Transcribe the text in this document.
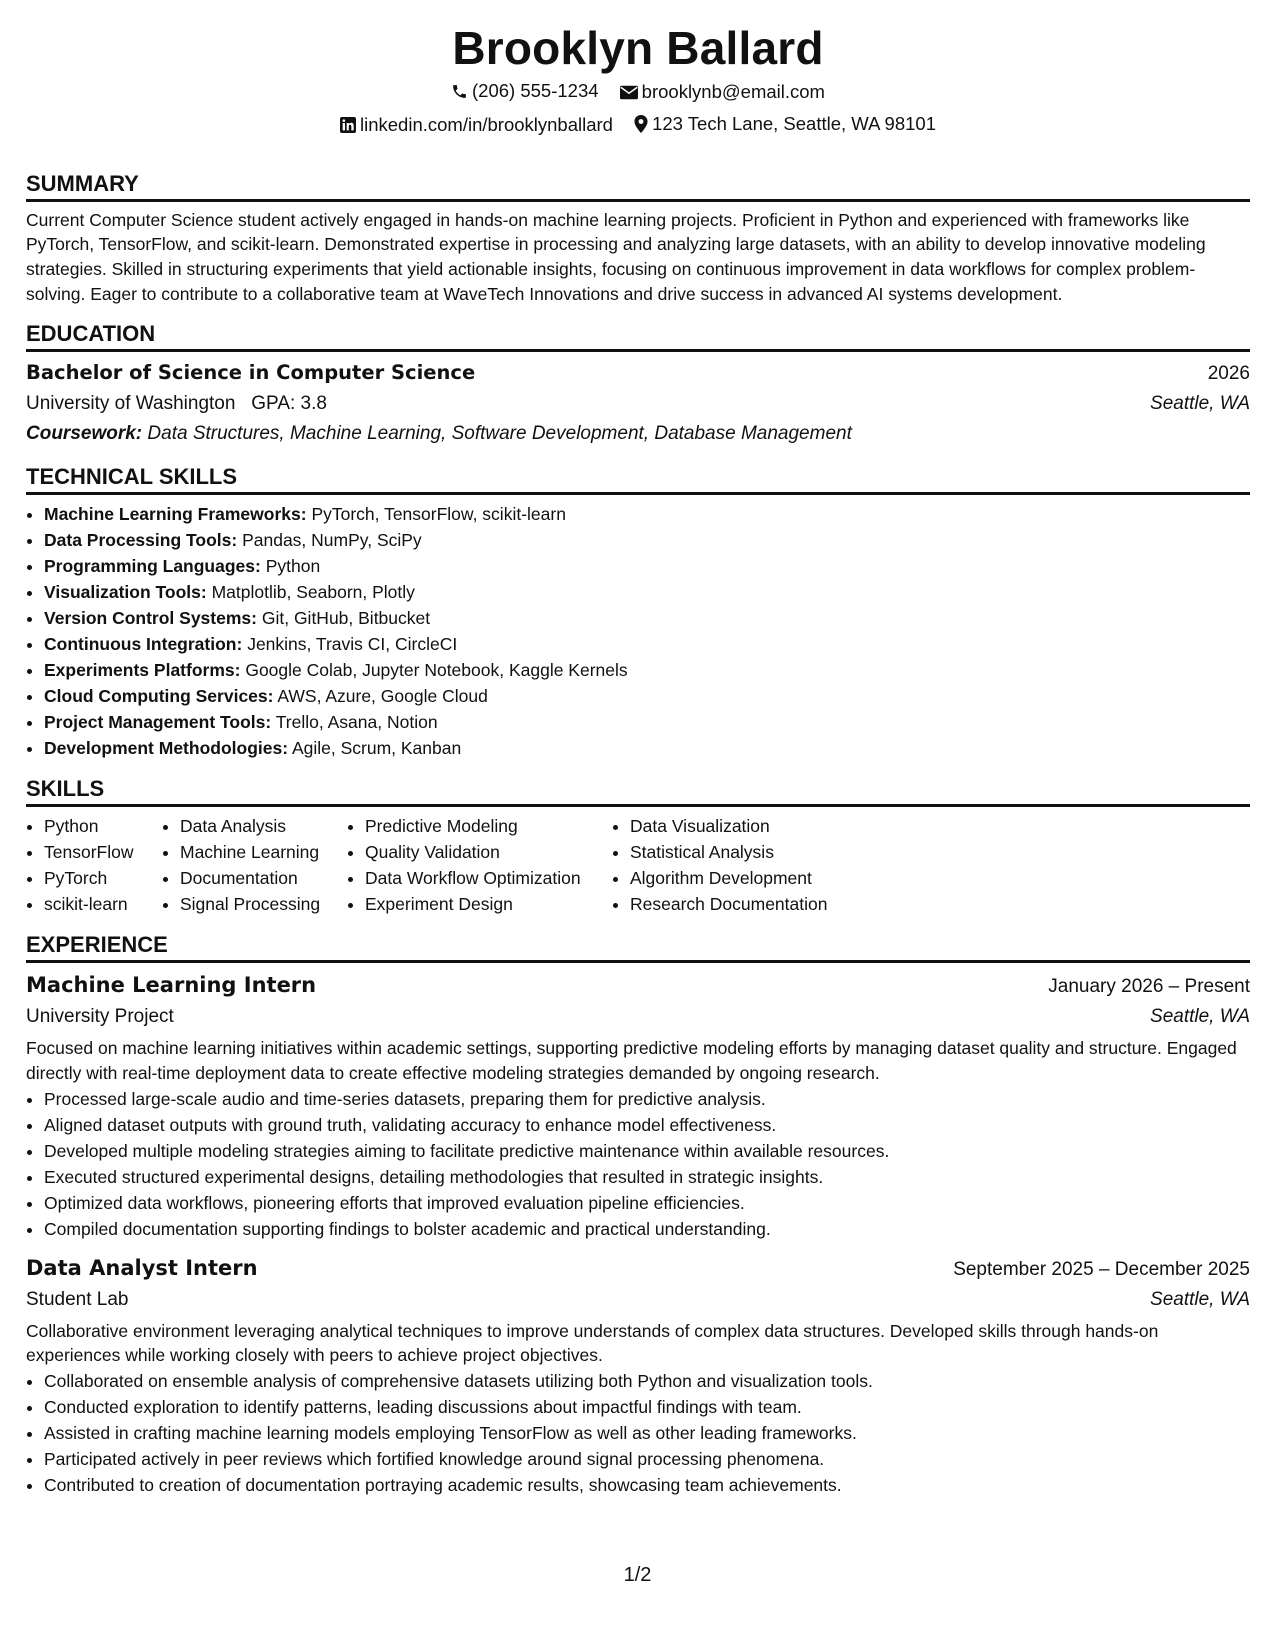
Brooklyn Ballard
(206) 555-1234
brooklynb@email.com
linkedin.com/in/brooklynballard
123 Tech Lane, Seattle, WA 98101
SUMMARY

Current Computer Science student actively engaged in hands-on machine learning projects. Proficient in Python and experienced with frameworks like PyTorch, TensorFlow, and scikit-learn. Demonstrated expertise in processing and analyzing large datasets, with an ability to develop innovative modeling strategies. Skilled in structuring experiments that yield actionable insights, focusing on continuous improvement in data workflows for complex problem-solving. Eager to contribute to a collaborative team at WaveTech Innovations and drive success in advanced AI systems development.

EDUCATION
Bachelor of Science in Computer Science	2026
University of Washington GPA: 3.8	Seattle, WA
Coursework: Data Structures, Machine Learning, Software Development, Database Management
TECHNICAL SKILLS
• Machine Learning Frameworks: PyTorch, TensorFlow, scikit-learn
• Data Processing Tools: Pandas, NumPy, SciPy
• Programming Languages: Python
• Visualization Tools: Matplotlib, Seaborn, Plotly
• Version Control Systems: Git, GitHub, Bitbucket
• Continuous Integration: Jenkins, Travis CI, CircleCI
• Experiments Platforms: Google Colab, Jupyter Notebook, Kaggle Kernels
• Cloud Computing Services: AWS, Azure, Google Cloud
• Project Management Tools: Trello, Asana, Notion
• Development Methodologies: Agile, Scrum, Kanban
SKILLS
• Python
• TensorFlow
• PyTorch
• scikit-learn
• Data Analysis
• Machine Learning
• Documentation
• Signal Processing
• Predictive Modeling
• Quality Validation
• Data Workflow Optimization
• Experiment Design
• Data Visualization
• Statistical Analysis
• Algorithm Development
• Research Documentation
EXPERIENCE
Machine Learning Intern	January 2026 – Present
University Project	Seattle, WA

Focused on machine learning initiatives within academic settings, supporting predictive modeling efforts by managing dataset quality and structure. Engaged directly with real-time deployment data to create effective modeling strategies demanded by ongoing research.

• Processed large-scale audio and time-series datasets, preparing them for predictive analysis.
• Aligned dataset outputs with ground truth, validating accuracy to enhance model effectiveness.
• Developed multiple modeling strategies aiming to facilitate predictive maintenance within available resources.
• Executed structured experimental designs, detailing methodologies that resulted in strategic insights.
• Optimized data workflows, pioneering efforts that improved evaluation pipeline efficiencies.
• Compiled documentation supporting findings to bolster academic and practical understanding.
Data Analyst Intern	September 2025 – December 2025
Student Lab	Seattle, WA

Collaborative environment leveraging analytical techniques to improve understands of complex data structures. Developed skills through hands-on experiences while working closely with peers to achieve project objectives.

• Collaborated on ensemble analysis of comprehensive datasets utilizing both Python and visualization tools.
• Conducted exploration to identify patterns, leading discussions about impactful findings with team.
• Assisted in crafting machine learning models employing TensorFlow as well as other leading frameworks.
• Participated actively in peer reviews which fortified knowledge around signal processing phenomena.
• Contributed to creation of documentation portraying academic results, showcasing team achievements.
1/2
